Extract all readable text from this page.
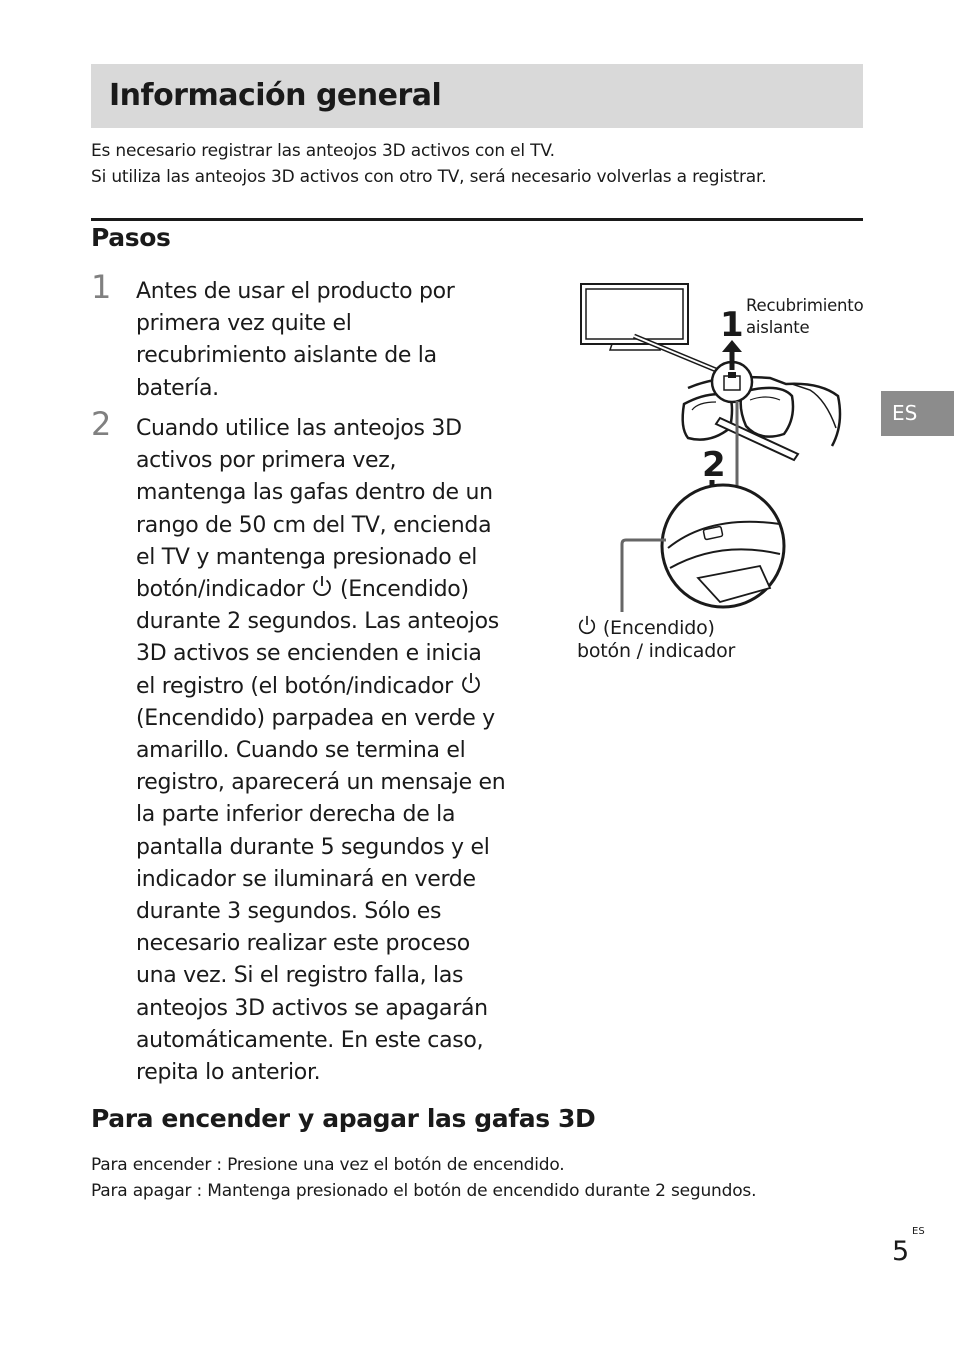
Información general
Es necesario registrar las anteojos 3D activos con el TV.
Si utiliza las anteojos 3D activos con otro TV, será necesario volverlas a registrar.
Pasos
1 Antes de usar el producto por
primera vez quite el
recubrimiento aislante de la
batería.
2 Cuando utilice las anteojos 3D
activos por primera vez,
mantenga las gafas dentro de un
rango de 50 cm del TV, encienda
el TV y mantenga presionado el
botón/indicador  (Encendido)
durante 2 segundos. Las anteojos
3D activos se encienden e inicia
el registro (el botón/indicador
(Encendido) parpadea en verde y
amarillo. Cuando se termina el
registro, aparecerá un mensaje en
la parte inferior derecha de la
pantalla durante 5 segundos y el
indicador se iluminará en verde
durante 3 segundos. Sólo es
necesario realizar este proceso
una vez. Si el registro falla, las
anteojos 3D activos se apagarán
automáticamente. En este caso,
repita lo anterior.
1
2
Recubrimiento
aislante
(Encendido)
botón / indicador
ES
Para encender y apagar las gafas 3D
Para encender : Presione una vez el botón de encendido.
Para apagar : Mantenga presionado el botón de encendido durante 2 segundos.
ES
5
